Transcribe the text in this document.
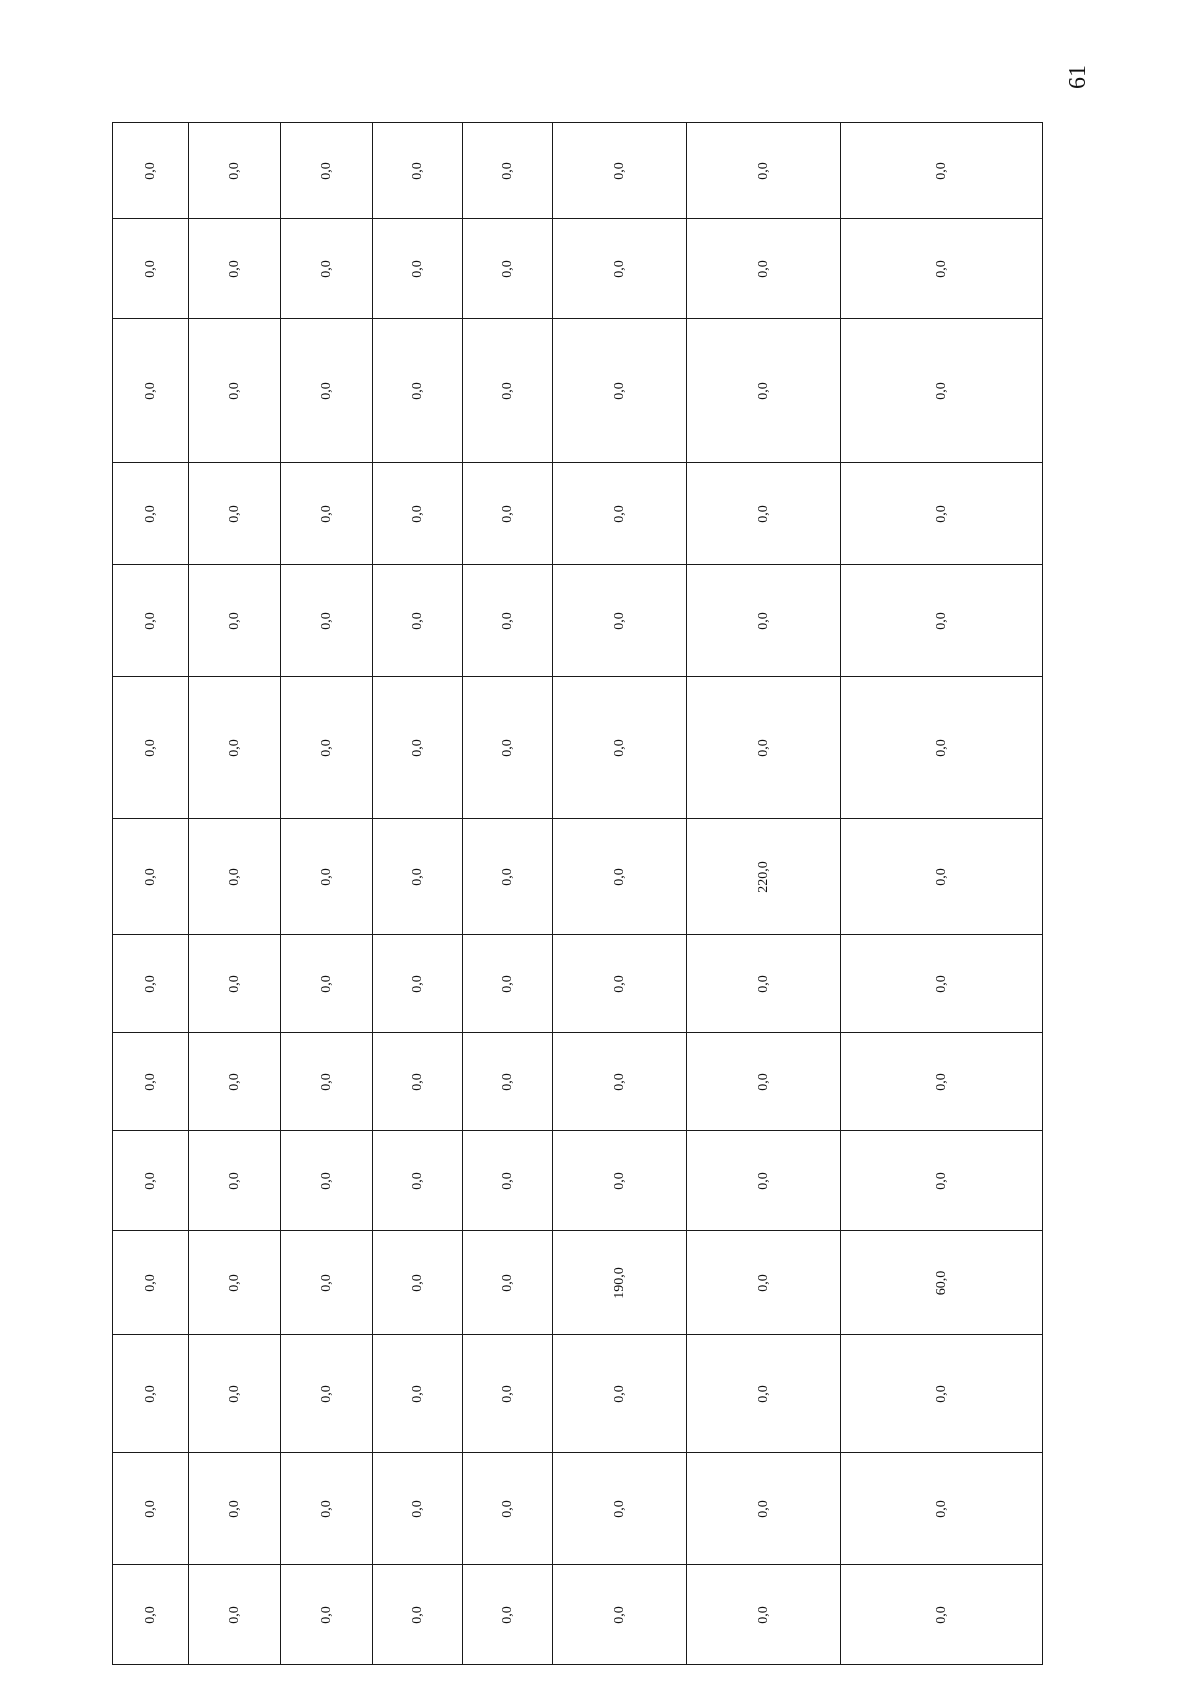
61
0,0	0,0	0,0	0,0	0,0	0,0	0,0	0,0

0,0	0,0	0,0	0,0	0,0	0,0	0,0	0,0

0,0	0,0	0,0	0,0	0,0	0,0	0,0	0,0

0,0	0,0	0,0	0,0	0,0	0,0	0,0	0,0

0,0	0,0	0,0	0,0	0,0	0,0	0,0	0,0

0,0	0,0	0,0	0,0	0,0	0,0	0,0	0,0

0,0	0,0	0,0	0,0	0,0	0,0	220,0	0,0

0,0	0,0	0,0	0,0	0,0	0,0	0,0	0,0

0,0	0,0	0,0	0,0	0,0	0,0	0,0	0,0

0,0	0,0	0,0	0,0	0,0	0,0	0,0	0,0

0,0	0,0	0,0	0,0	0,0	190,0	0,0	60,0

0,0	0,0	0,0	0,0	0,0	0,0	0,0	0,0

0,0	0,0	0,0	0,0	0,0	0,0	0,0	0,0

0,0	0,0	0,0	0,0	0,0	0,0	0,0	0,0
